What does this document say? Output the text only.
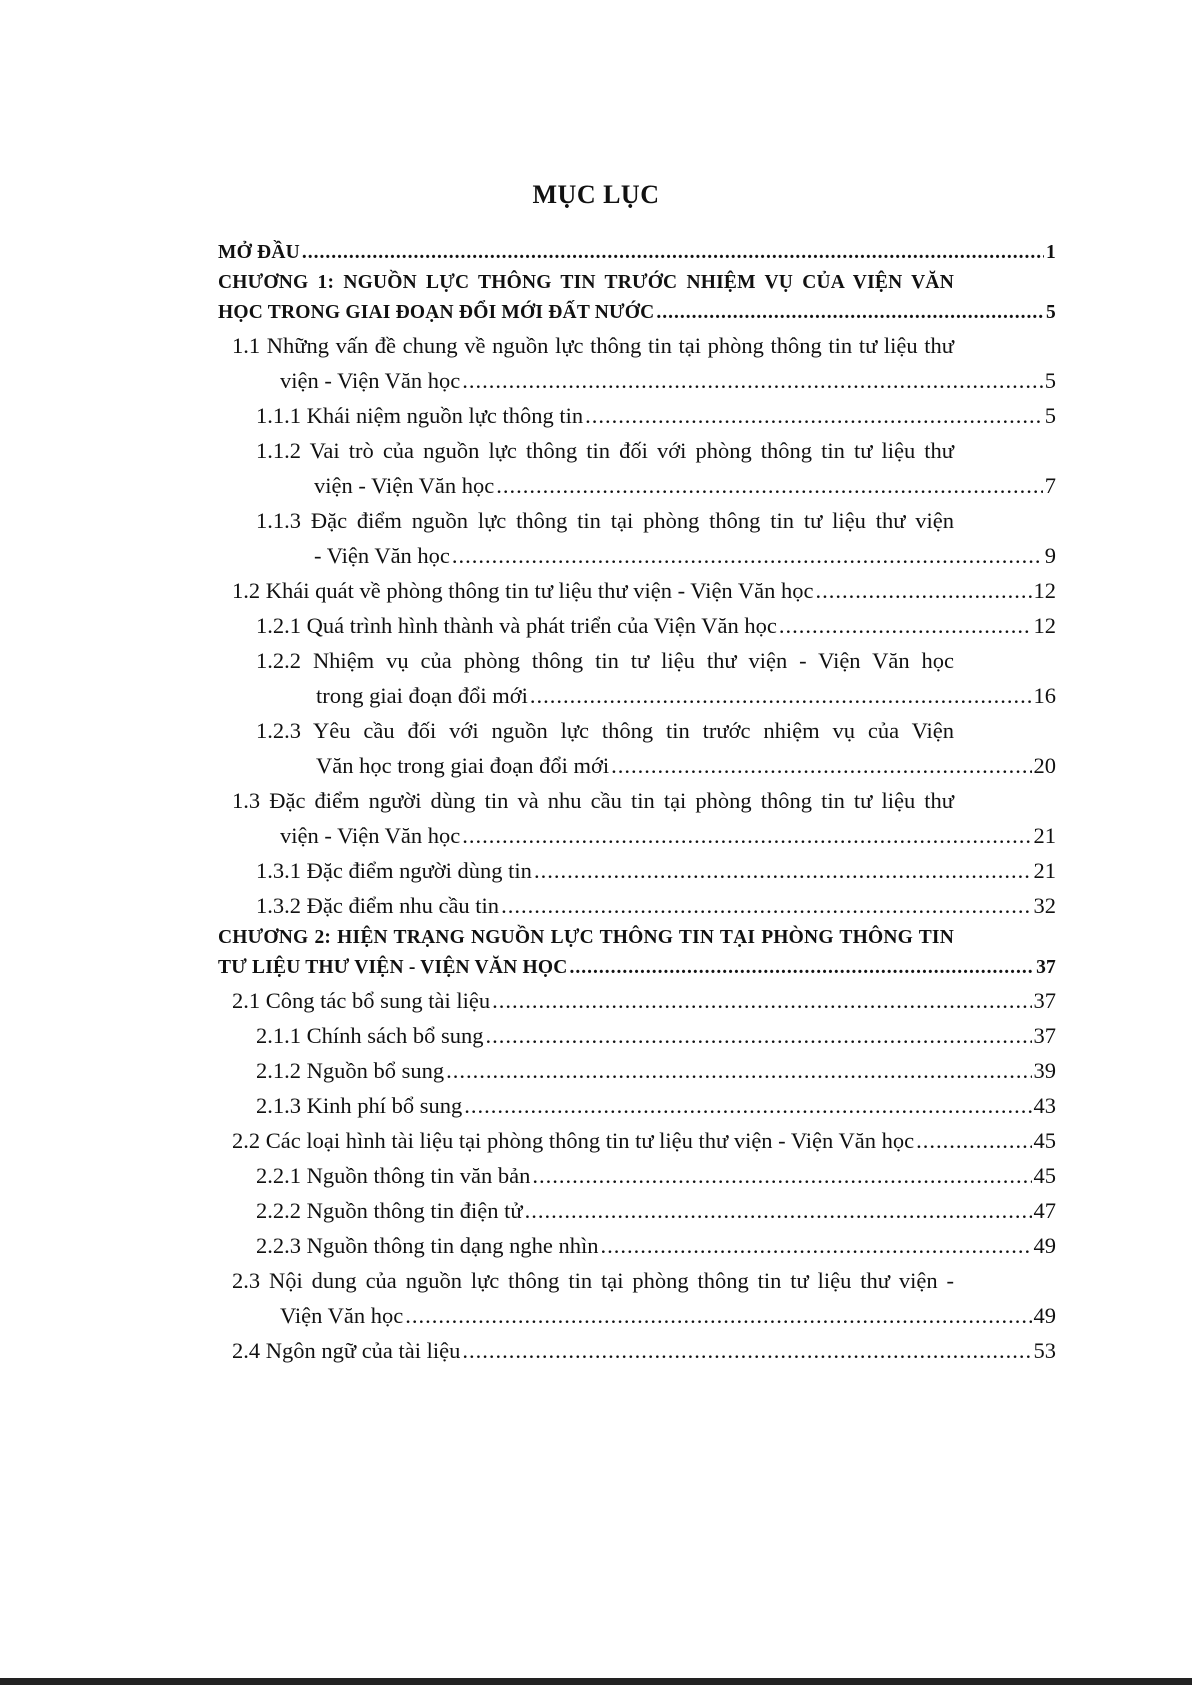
MỤC LỤC
MỞ ĐẦU .....	1
CHƯƠNG 1: NGUỒN LỰC THÔNG TIN TRƯỚC NHIỆM VỤ CỦA VIỆN VĂN
HỌC TRONG GIAI ĐOẠN ĐỔI MỚI ĐẤT NƯỚC .....	5
1.1 Những vấn đề chung về nguồn lực thông tin tại phòng thông tin tư liệu thư
viện - Viện Văn học .....	5
1.1.1 Khái niệm nguồn lực thông tin .....	5
1.1.2 Vai trò của nguồn lực thông tin đối với phòng thông tin tư liệu thư
viện - Viện Văn học .....	7
1.1.3 Đặc điểm nguồn lực thông tin tại phòng thông tin tư liệu thư viện
- Viện Văn học .....	9
1.2 Khái quát về phòng thông tin tư liệu thư viện - Viện Văn học .....	12
1.2.1 Quá trình hình thành và phát triển của Viện Văn học .....	12
1.2.2 Nhiệm vụ của phòng thông tin tư liệu thư viện - Viện Văn học
trong giai đoạn đổi mới .....	16
1.2.3 Yêu cầu đối với nguồn lực thông tin trước nhiệm vụ của Viện
Văn học trong giai đoạn đổi mới .....	20
1.3 Đặc điểm người dùng tin và nhu cầu tin tại phòng thông tin tư liệu thư
viện - Viện Văn học .....	21
1.3.1 Đặc điểm người dùng tin .....	21
1.3.2 Đặc điểm nhu cầu tin .....	32
CHƯƠNG 2: HIỆN TRẠNG NGUỒN LỰC THÔNG TIN TẠI PHÒNG THÔNG TIN
TƯ LIỆU THƯ VIỆN - VIỆN VĂN HỌC .....	37
2.1 Công tác bổ sung tài liệu .....	37
2.1.1 Chính sách bổ sung .....	37
2.1.2 Nguồn bổ sung .....	39
2.1.3 Kinh phí bổ sung .....	43
2.2 Các loại hình tài liệu tại phòng thông tin tư liệu thư viện - Viện Văn học .....	45
2.2.1 Nguồn thông tin văn bản .....	45
2.2.2 Nguồn thông tin điện tử .....	47
2.2.3 Nguồn thông tin dạng nghe nhìn .....	49
2.3 Nội dung của nguồn lực thông tin tại phòng thông tin tư liệu thư viện -
Viện Văn học .....	49
2.4 Ngôn ngữ của tài liệu .....	53
